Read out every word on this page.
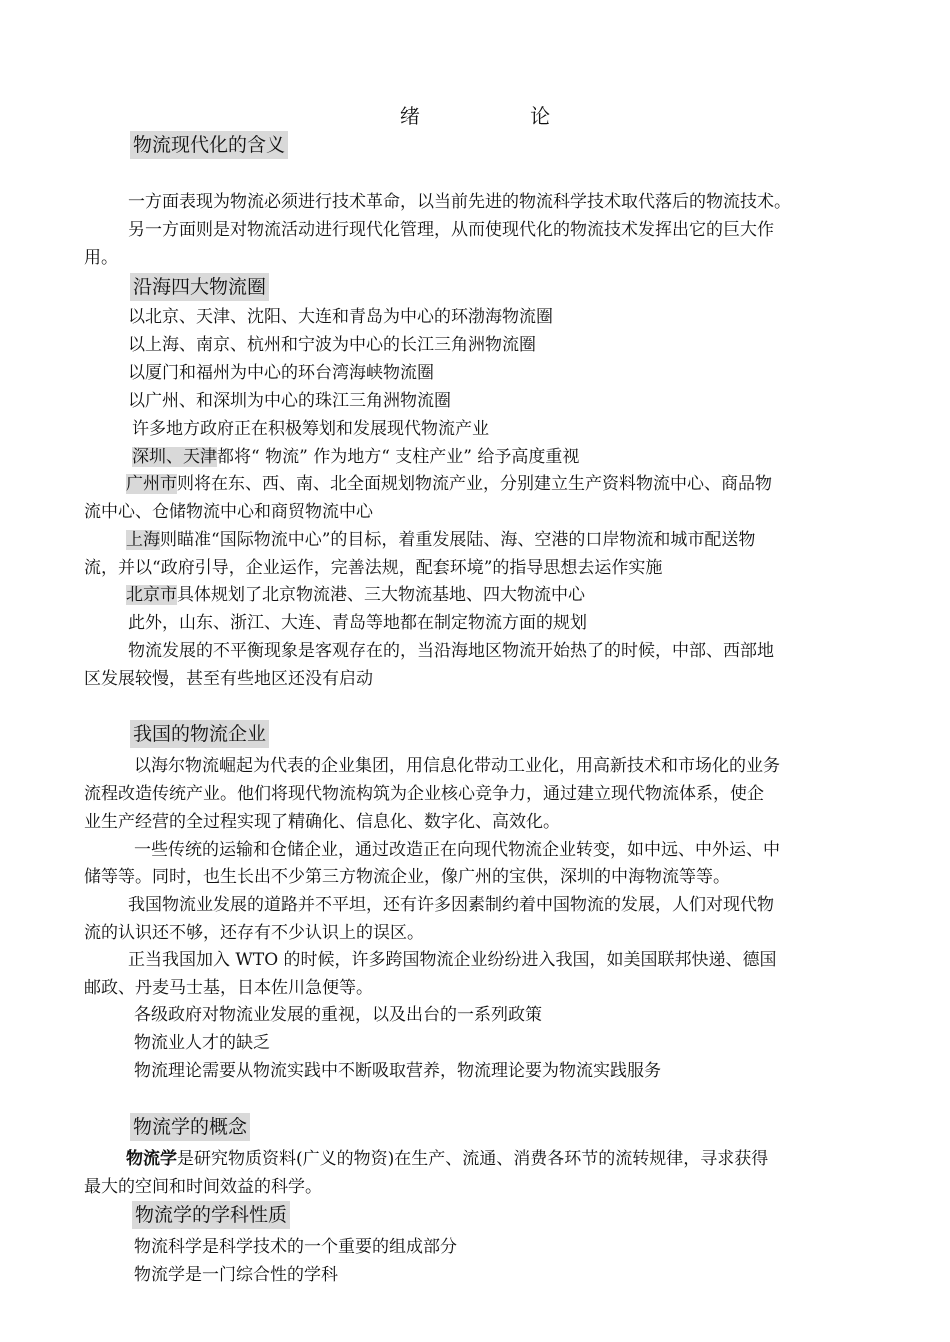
绪 论
物流现代化的含义
一方面表现为物流必须进行技术革命，以当前先进的物流科学技术取代落后的物流技术。
另一方面则是对物流活动进行现代化管理，从而使现代化的物流技术发挥出它的巨大作
用。
沿海四大物流圈
以北京、天津、沈阳、大连和青岛为中心的环渤海物流圈
以上海、南京、杭州和宁波为中心的长江三角洲物流圈
以厦门和福州为中心的环台湾海峡物流圈
以广州、和深圳为中心的珠江三角洲物流圈
许多地方政府正在积极筹划和发展现代物流产业
深圳、天津都将“ 物流” 作为地方“ 支柱产业” 给予高度重视
广州市则将在东、西、南、北全面规划物流产业，分别建立生产资料物流中心、商品物
流中心、仓储物流中心和商贸物流中心
上海则瞄准“国际物流中心”的目标，着重发展陆、海、空港的口岸物流和城市配送物
流，并以“政府引导，企业运作，完善法规，配套环境”的指导思想去运作实施
北京市具体规划了北京物流港、三大物流基地、四大物流中心
此外，山东、浙江、大连、青岛等地都在制定物流方面的规划
物流发展的不平衡现象是客观存在的，当沿海地区物流开始热了的时候，中部、西部地
区发展较慢，甚至有些地区还没有启动
我国的物流企业
以海尔物流崛起为代表的企业集团，用信息化带动工业化，用高新技术和市场化的业务
流程改造传统产业。他们将现代物流构筑为企业核心竞争力，通过建立现代物流体系，使企
业生产经营的全过程实现了精确化、信息化、数字化、高效化。
一些传统的运输和仓储企业，通过改造正在向现代物流企业转变，如中远、中外运、中
储等等。同时，也生长出不少第三方物流企业，像广州的宝供，深圳的中海物流等等。
我国物流业发展的道路并不平坦，还有许多因素制约着中国物流的发展，人们对现代物
流的认识还不够，还存有不少认识上的误区。
正当我国加入 WTO 的时候，许多跨国物流企业纷纷进入我国，如美国联邦快递、德国
邮政、丹麦马士基，日本佐川急便等。
各级政府对物流业发展的重视，以及出台的一系列政策
物流业人才的缺乏
物流理论需要从物流实践中不断吸取营养，物流理论要为物流实践服务
物流学的概念
物流学是研究物质资料(广义的物资)在生产、流通、消费各环节的流转规律，寻求获得
最大的空间和时间效益的科学。
物流学的学科性质
物流科学是科学技术的一个重要的组成部分
物流学是一门综合性的学科
